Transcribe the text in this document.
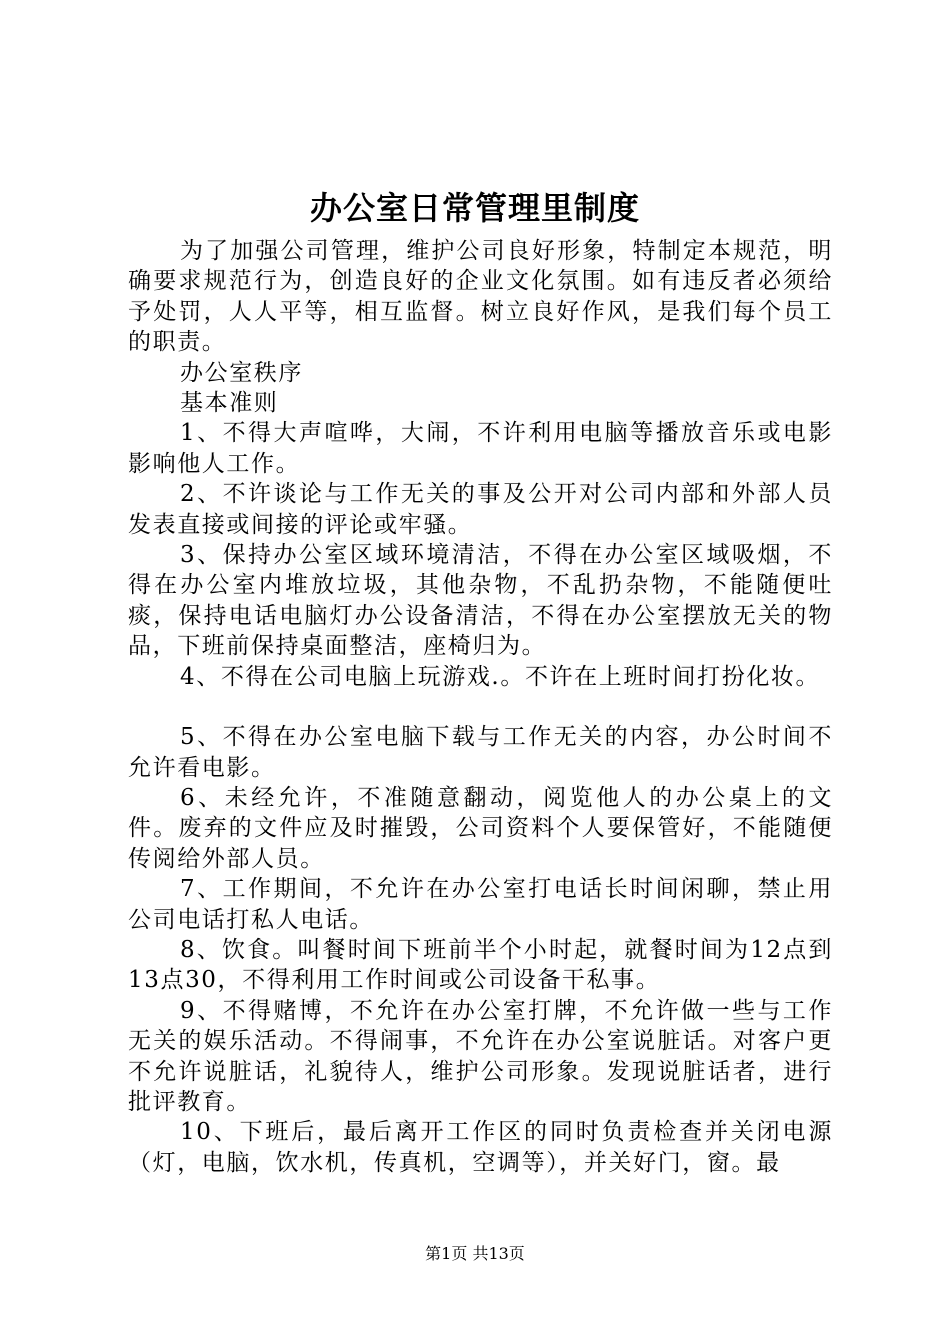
办公室日常管理里制度

为了加强公司管理，维护公司良好形象，特制定本规范，明确要求规范行为，创造良好的企业文化氛围。如有违反者必须给予处罚，人人平等，相互监督。树立良好作风，是我们每个员工的职责。

办公室秩序

基本准则

1、不得大声喧哗，大闹，不许利用电脑等播放音乐或电影影响他人工作。

2、不许谈论与工作无关的事及公开对公司内部和外部人员发表直接或间接的评论或牢骚。

3、保持办公室区域环境清洁，不得在办公室区域吸烟，不得在办公室内堆放垃圾，其他杂物，不乱扔杂物，不能随便吐痰，保持电话电脑灯办公设备清洁，不得在办公室摆放无关的物品，下班前保持桌面整洁，座椅归为。

4、不得在公司电脑上玩游戏.。不许在上班时间打扮化妆。

5、不得在办公室电脑下载与工作无关的内容，办公时间不允许看电影。

6、未经允许，不准随意翻动，阅览他人的办公桌上的文件。废弃的文件应及时摧毁，公司资料个人要保管好，不能随便传阅给外部人员。

7、工作期间，不允许在办公室打电话长时间闲聊，禁止用公司电话打私人电话。

8、饮食。叫餐时间下班前半个小时起，就餐时间为12点到13点30，不得利用工作时间或公司设备干私事。

9、不得赌博，不允许在办公室打牌，不允许做一些与工作无关的娱乐活动。不得闹事，不允许在办公室说脏话。对客户更不允许说脏话，礼貌待人，维护公司形象。发现说脏话者，进行批评教育。

10、下班后，最后离开工作区的同时负责检查并关闭电源（灯，电脑，饮水机，传真机，空调等），并关好门，窗。最

第1页 共13页
